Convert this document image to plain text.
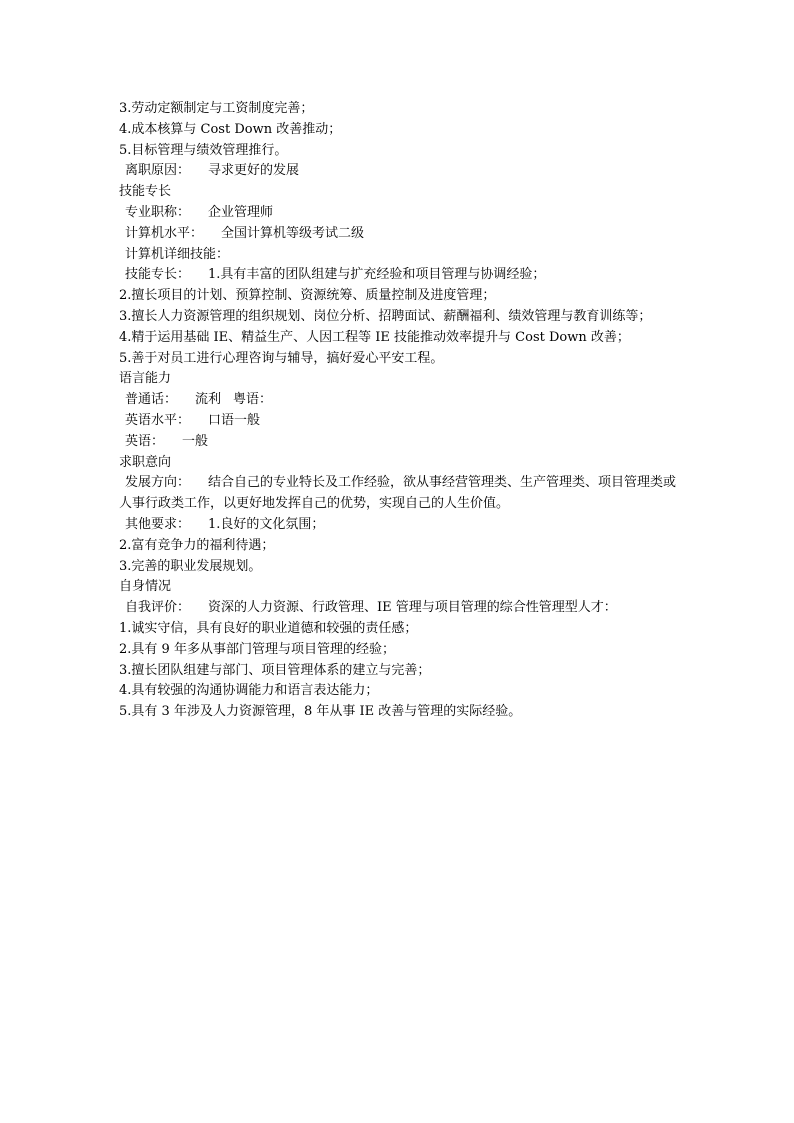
3.劳动定额制定与工资制度完善；
4.成本核算与 Cost Down 改善推动；
5.目标管理与绩效管理推行。
离职原因： 寻求更好的发展
技能专长
专业职称： 企业管理师
计算机水平： 全国计算机等级考试二级
计算机详细技能：
技能专长： 1.具有丰富的团队组建与扩充经验和项目管理与协调经验；
2.擅长项目的计划、预算控制、资源统筹、质量控制及进度管理；
3.擅长人力资源管理的组织规划、岗位分析、招聘面试、薪酬福利、绩效管理与教育训练等；
4.精于运用基础 IE、精益生产、人因工程等 IE 技能推动效率提升与 Cost Down 改善；
5.善于对员工进行心理咨询与辅导，搞好爱心平安工程。
语言能力
普通话： 流利 粤语：
英语水平： 口语一般
英语： 一般
求职意向
发展方向： 结合自己的专业特长及工作经验，欲从事经营管理类、生产管理类、项目管理类或人事行政类工作，以更好地发挥自己的优势，实现自己的人生价值。
其他要求： 1.良好的文化氛围；
2.富有竞争力的福利待遇；
3.完善的职业发展规划。
自身情况
自我评价： 资深的人力资源、行政管理、IE 管理与项目管理的综合性管理型人才：
1.诚实守信，具有良好的职业道德和较强的责任感；
2.具有 9 年多从事部门管理与项目管理的经验；
3.擅长团队组建与部门、项目管理体系的建立与完善；
4.具有较强的沟通协调能力和语言表达能力；
5.具有 3 年涉及人力资源管理，8 年从事 IE 改善与管理的实际经验。
